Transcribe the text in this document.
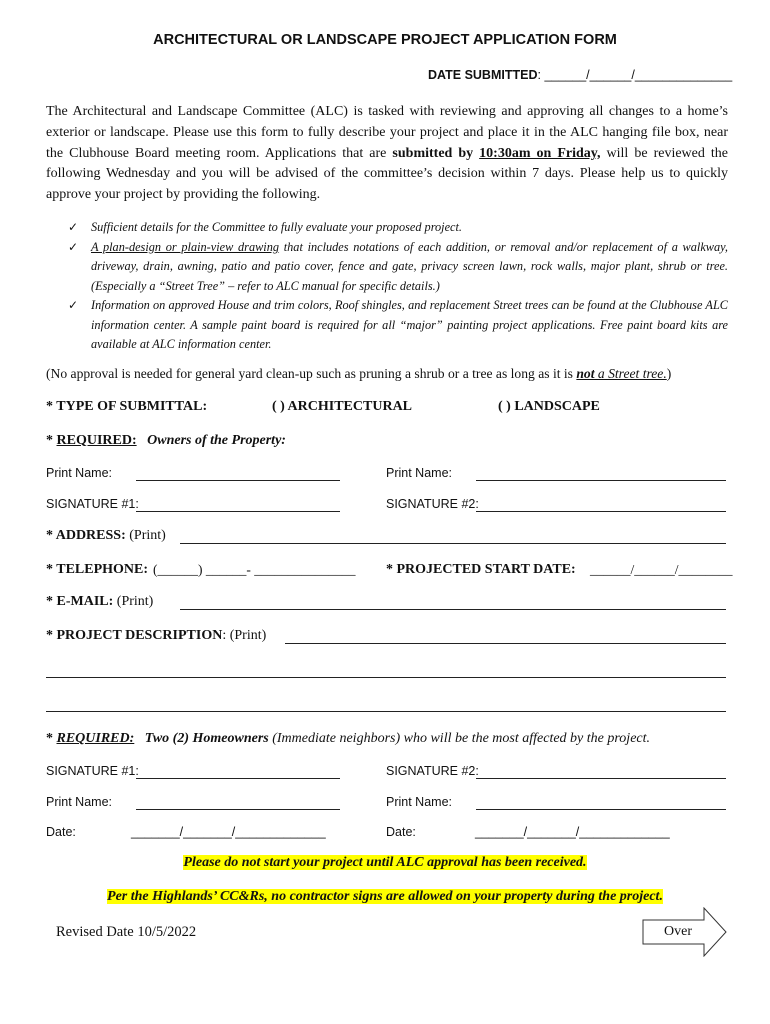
ARCHITECTURAL OR LANDSCAPE PROJECT APPLICATION FORM
DATE SUBMITTED: ______/______/______________
The Architectural and Landscape Committee (ALC) is tasked with reviewing and approving all changes to a home’s exterior or landscape. Please use this form to fully describe your project and place it in the ALC hanging file box, near the Clubhouse Board meeting room. Applications that are submitted by 10:30am on Friday, will be reviewed the following Wednesday and you will be advised of the committee’s decision within 7 days. Please help us to quickly approve your project by providing the following.
✓ Sufficient details for the Committee to fully evaluate your proposed project.
✓ A plan-design or plain-view drawing that includes notations of each addition, or removal and/or replacement of a walkway, driveway, drain, awning, patio and patio cover, fence and gate, privacy screen lawn, rock walls, major plant, shrub or tree. (Especially a “Street Tree” – refer to ALC manual for specific details.)
✓ Information on approved House and trim colors, Roof shingles, and replacement Street trees can be found at the Clubhouse ALC information center. A sample paint board is required for all “major” painting project applications. Free paint board kits are available at ALC information center.
(No approval is needed for general yard clean-up such as pruning a shrub or a tree as long as it is not a Street tree.)
* TYPE OF SUBMITTAL:	( ) ARCHITECTURAL	( ) LANDSCAPE
* REQUIRED: Owners of the Property:
Print Name:	Print Name:
SIGNATURE #1:	SIGNATURE #2:
* ADDRESS: (Print)
* TELEPHONE: (______) ______- _______________ * PROJECTED START DATE: ______/______/________
* E-MAIL: (Print)
* PROJECT DESCRIPTION: (Print)
* REQUIRED: Two (2) Homeowners (Immediate neighbors) who will be the most affected by the project.
SIGNATURE #1:	SIGNATURE #2:
Print Name:	Print Name:
Date:	_______/_______/_____________	Date:	_______/_______/_____________
Please do not start your project until ALC approval has been received.
Per the Highlands’ CC&Rs, no contractor signs are allowed on your property during the project.
Revised Date 10/5/2022	Over
